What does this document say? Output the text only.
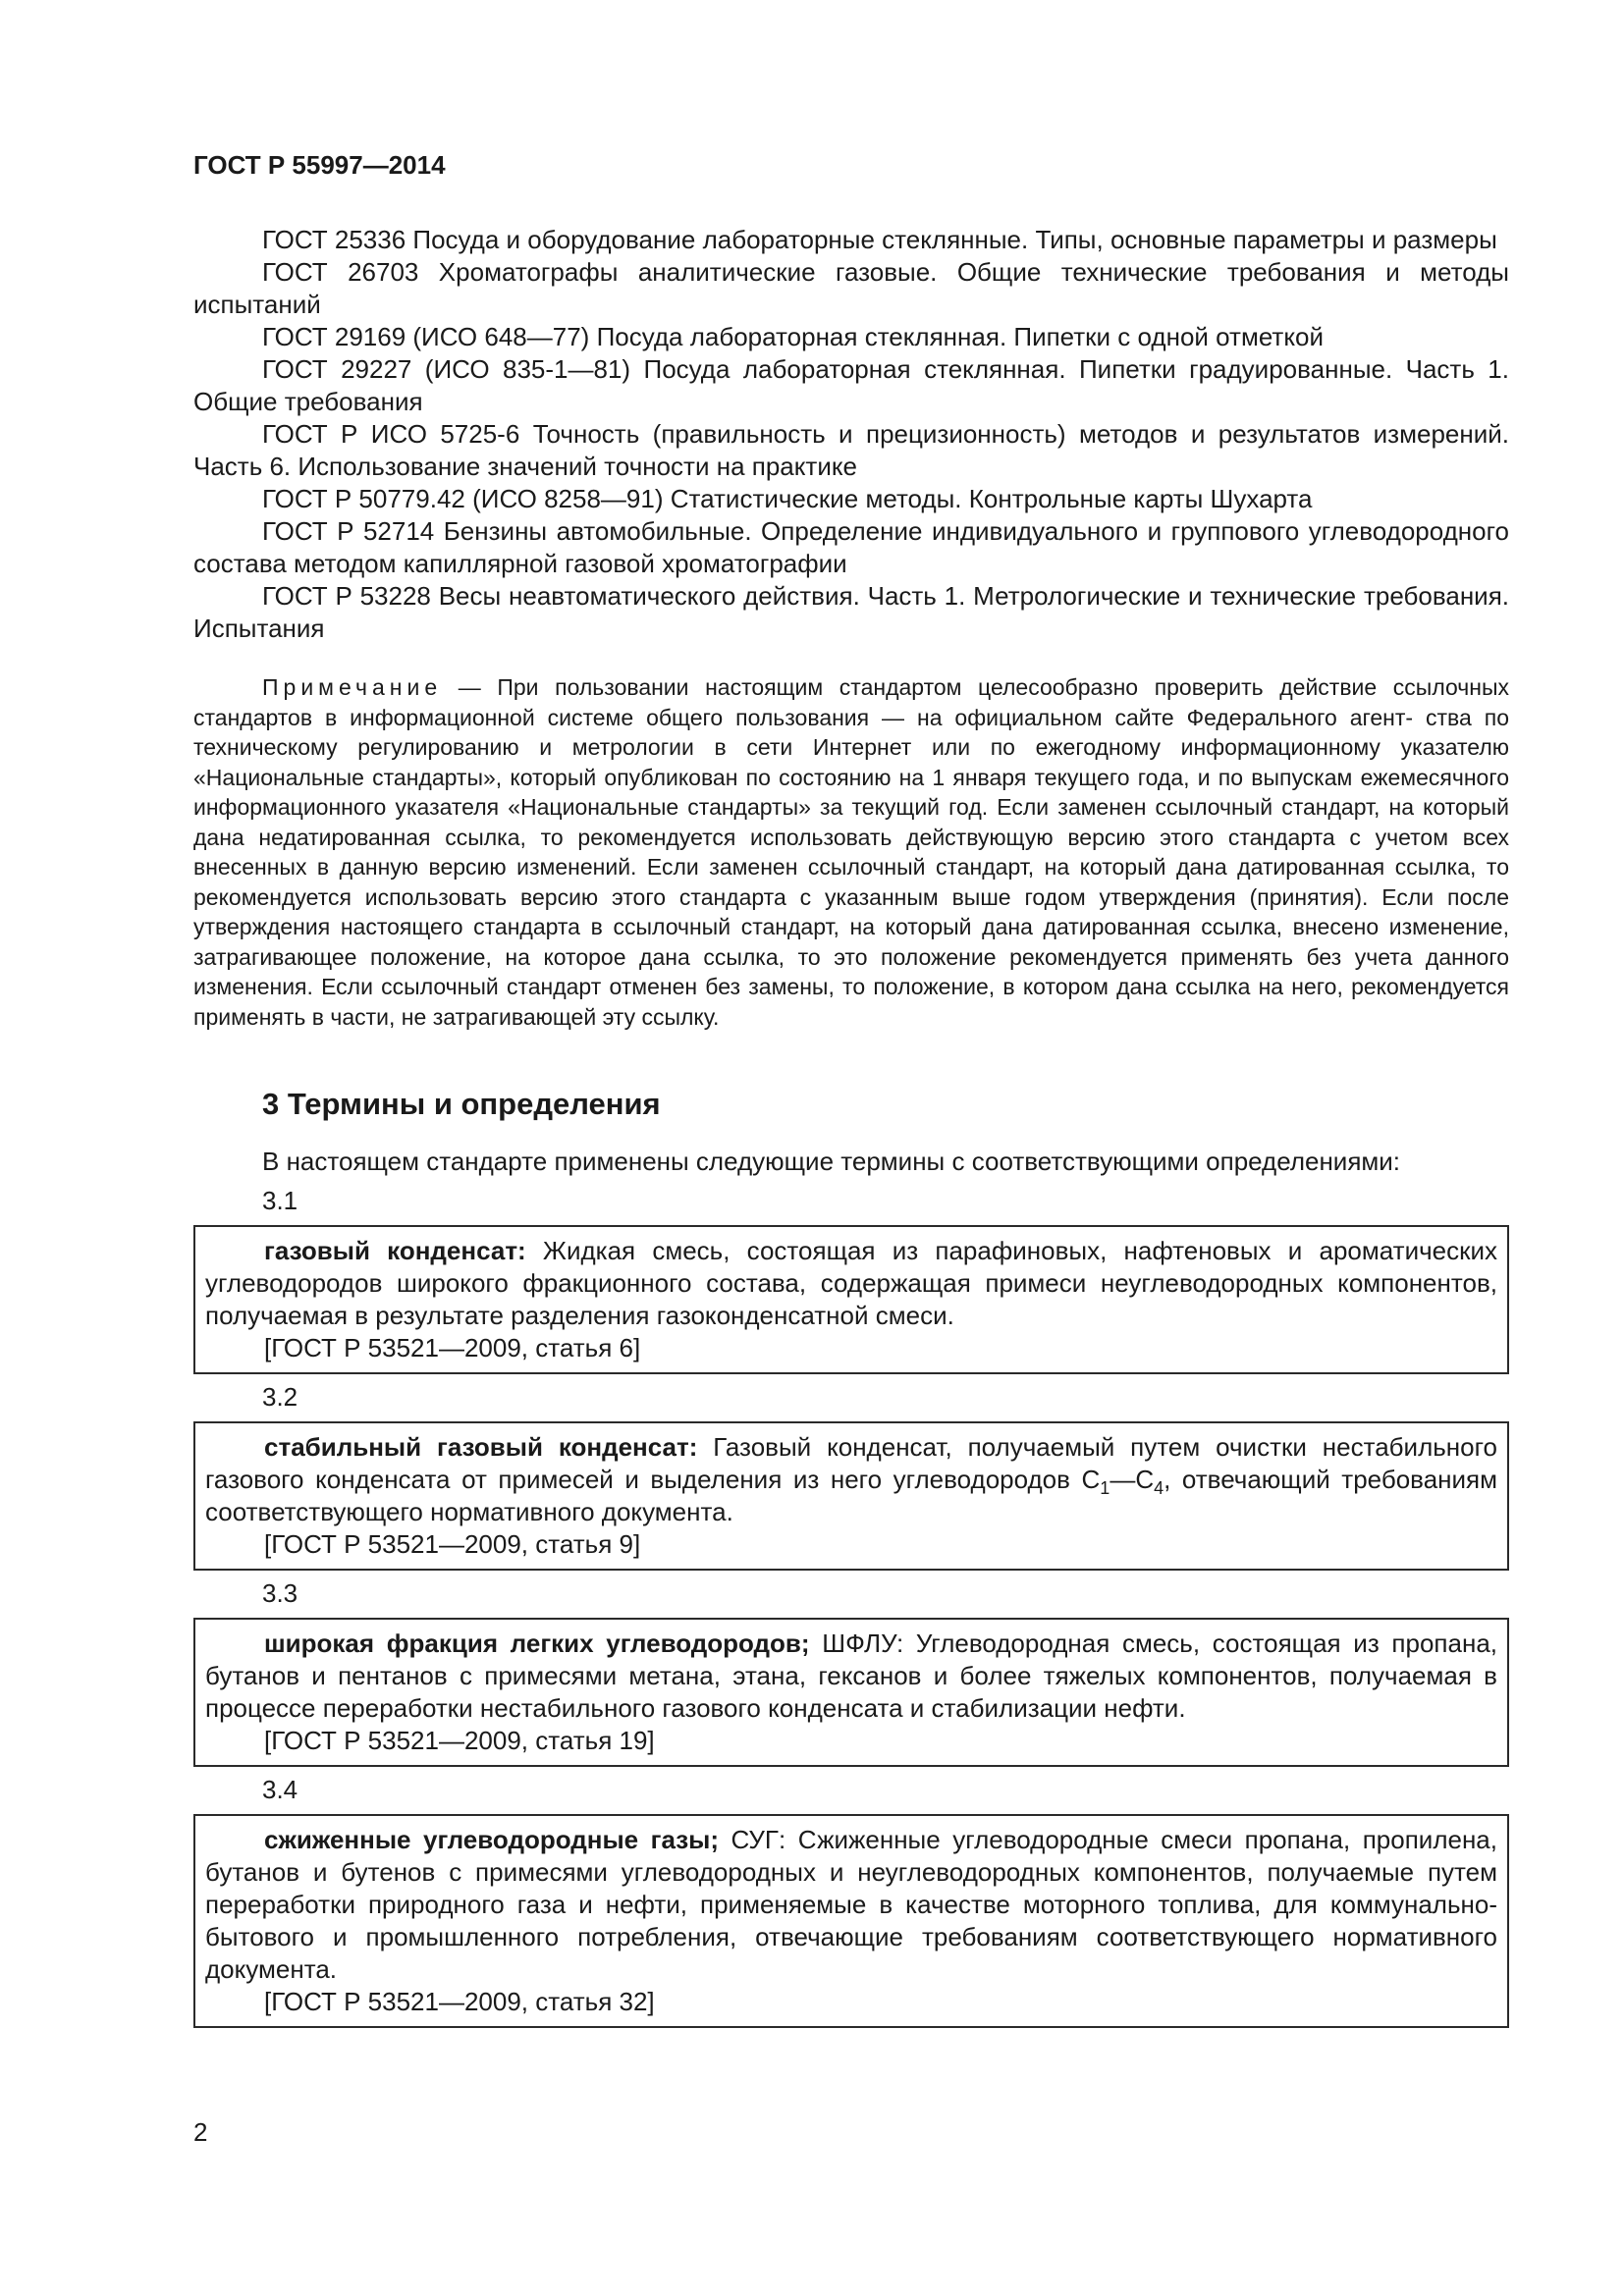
ГОСТ Р 55997—2014

ГОСТ 25336 Посуда и оборудование лабораторные стеклянные. Типы, основные параметры и размеры

ГОСТ 26703 Хроматографы аналитические газовые. Общие технические требования и методы испытаний

ГОСТ 29169 (ИСО 648—77) Посуда лабораторная стеклянная. Пипетки с одной отметкой

ГОСТ 29227 (ИСО 835-1—81) Посуда лабораторная стеклянная. Пипетки градуированные. Часть 1. Общие требования

ГОСТ Р ИСО 5725-6 Точность (правильность и прецизионность) методов и результатов измерений. Часть 6. Использование значений точности на практике

ГОСТ Р 50779.42 (ИСО 8258—91) Статистические методы. Контрольные карты Шухарта

ГОСТ Р 52714 Бензины автомобильные. Определение индивидуального и группового углеводородного состава методом капиллярной газовой хроматографии

ГОСТ Р 53228 Весы неавтоматического действия. Часть 1. Метрологические и технические требования. Испытания

Примечание — При пользовании настоящим стандартом целесообразно проверить действие ссылочных стандартов в информационной системе общего пользования — на официальном сайте Федерального агент- ства по техническому регулированию и метрологии в сети Интернет или по ежегодному информационному указателю «Национальные стандарты», который опубликован по состоянию на 1 января текущего года, и по выпускам ежемесячного информационного указателя «Национальные стандарты» за текущий год. Если заменен ссылочный стандарт, на который дана недатированная ссылка, то рекомендуется использовать действующую версию этого стандарта с учетом всех внесенных в данную версию изменений. Если заменен ссылочный стандарт, на который дана датированная ссылка, то рекомендуется использовать версию этого стандарта с указанным выше годом утверждения (принятия). Если после утверждения настоящего стандарта в ссылочный стандарт, на который дана датированная ссылка, внесено изменение, затрагивающее положение, на которое дана ссылка, то это положение рекомендуется применять без учета данного изменения. Если ссылочный стандарт отменен без замены, то положение, в котором дана ссылка на него, рекомендуется применять в части, не затрагивающей эту ссылку.

3 Термины и определения

В настоящем стандарте применены следующие термины с соответствующими определениями:

3.1

газовый конденсат: Жидкая смесь, состоящая из парафиновых, нафтеновых и ароматических углеводородов широкого фракционного состава, содержащая примеси неуглеводородных компонентов, получаемая в результате разделения газоконденсатной смеси.

[ГОСТ Р 53521—2009, статья 6]

3.2

стабильный газовый конденсат: Газовый конденсат, получаемый путем очистки нестабильного газового конденсата от примесей и выделения из него углеводородов $С_1—С_4$, отвечающий требованиям соответствующего нормативного документа.

[ГОСТ Р 53521—2009, статья 9]

3.3

широкая фракция легких углеводородов; ШФЛУ: Углеводородная смесь, состоящая из пропана, бутанов и пентанов с примесями метана, этана, гексанов и более тяжелых компонентов, получаемая в процессе переработки нестабильного газового конденсата и стабилизации нефти.

[ГОСТ Р 53521—2009, статья 19]

3.4

сжиженные углеводородные газы; СУГ: Сжиженные углеводородные смеси пропана, пропилена, бутанов и бутенов с примесями углеводородных и неуглеводородных компонентов, получаемые путем переработки природного газа и нефти, применяемые в качестве моторного топлива, для коммунально-бытового и промышленного потребления, отвечающие требованиям соответствующего нормативного документа.

[ГОСТ Р 53521—2009, статья 32]

2
